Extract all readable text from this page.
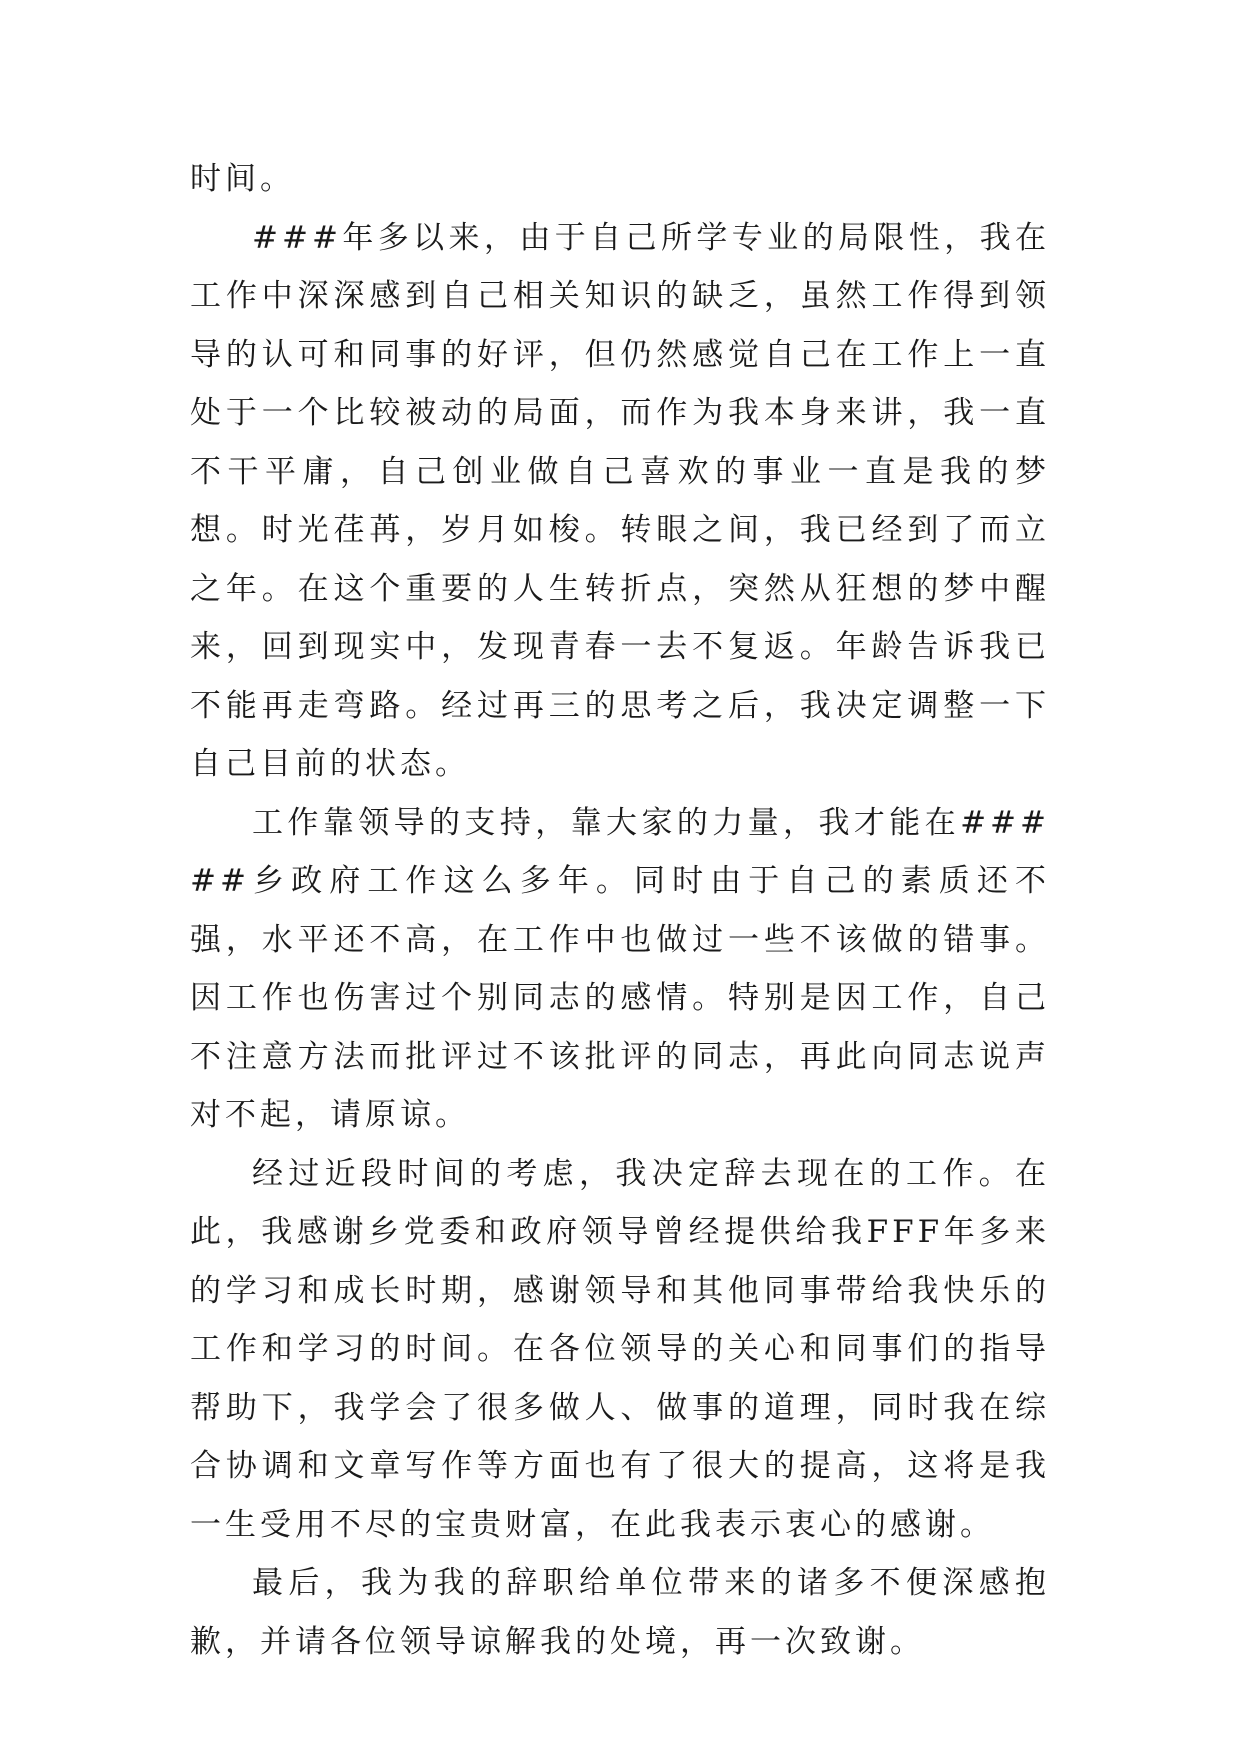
时间。

###年多以来，由于自己所学专业的局限性，我在工作中深深感到自己相关知识的缺乏，虽然工作得到领导的认可和同事的好评，但仍然感觉自己在工作上一直处于一个比较被动的局面，而作为我本身来讲，我一直不干平庸，自己创业做自己喜欢的事业一直是我的梦想。时光荏苒，岁月如梭。转眼之间，我已经到了而立之年。在这个重要的人生转折点，突然从狂想的梦中醒来，回到现实中，发现青春一去不复返。年龄告诉我已不能再走弯路。经过再三的思考之后，我决定调整一下自己目前的状态。

工作靠领导的支持，靠大家的力量，我才能在#####乡政府工作这么多年。同时由于自己的素质还不强，水平还不高，在工作中也做过一些不该做的错事。因工作也伤害过个别同志的感情。特别是因工作，自己不注意方法而批评过不该批评的同志，再此向同志说声对不起，请原谅。

经过近段时间的考虑，我决定辞去现在的工作。在此，我感谢乡党委和政府领导曾经提供给我FFF年多来的学习和成长时期，感谢领导和其他同事带给我快乐的工作和学习的时间。在各位领导的关心和同事们的指导帮助下，我学会了很多做人、做事的道理，同时我在综合协调和文章写作等方面也有了很大的提高，这将是我一生受用不尽的宝贵财富，在此我表示衷心的感谢。

最后，我为我的辞职给单位带来的诸多不便深感抱歉，并请各位领导谅解我的处境，再一次致谢。
